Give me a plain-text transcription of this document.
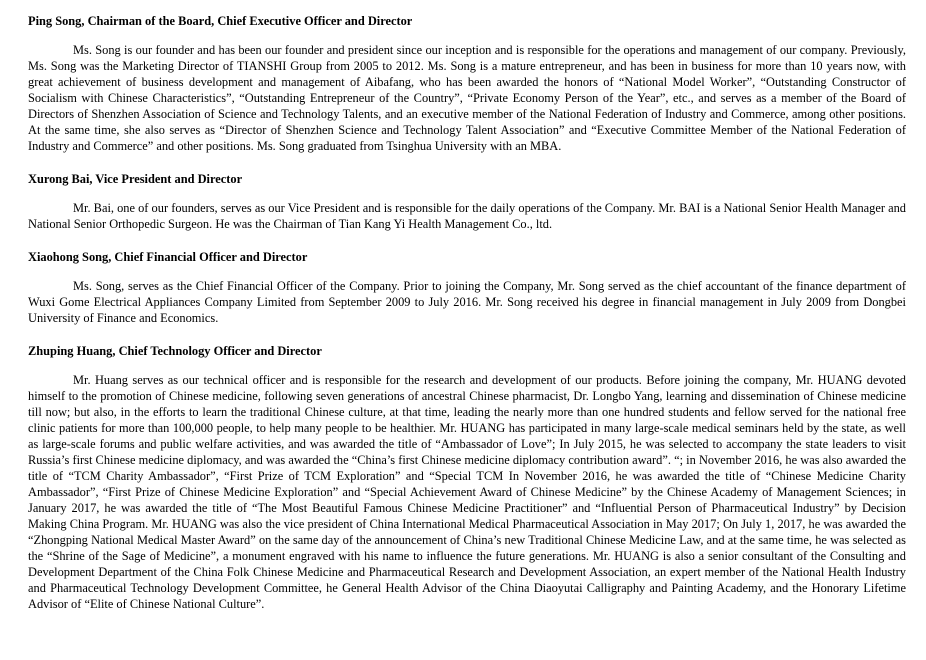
Ping Song, Chairman of the Board, Chief Executive Officer and Director

Ms. Song is our founder and has been our founder and president since our inception and is responsible for the operations and management of our company. Previously, Ms. Song was the Marketing Director of TIANSHI Group from 2005 to 2012. Ms. Song is a mature entrepreneur, and has been in business for more than 10 years now, with great achievement of business development and management of Aibafang, who has been awarded the honors of “National Model Worker”, “Outstanding Constructor of Socialism with Chinese Characteristics”, “Outstanding Entrepreneur of the Country”, “Private Economy Person of the Year”, etc., and serves as a member of the Board of Directors of Shenzhen Association of Science and Technology Talents, and an executive member of the National Federation of Industry and Commerce, among other positions. At the same time, she also serves as “Director of Shenzhen Science and Technology Talent Association” and “Executive Committee Member of the National Federation of Industry and Commerce” and other positions. Ms. Song graduated from Tsinghua University with an MBA.

Xurong Bai, Vice President and Director

Mr. Bai, one of our founders, serves as our Vice President and is responsible for the daily operations of the Company. Mr. BAI is a National Senior Health Manager and National Senior Orthopedic Surgeon. He was the Chairman of Tian Kang Yi Health Management Co., ltd.

Xiaohong Song, Chief Financial Officer and Director

Ms. Song, serves as the Chief Financial Officer of the Company. Prior to joining the Company, Mr. Song served as the chief accountant of the finance department of Wuxi Gome Electrical Appliances Company Limited from September 2009 to July 2016. Mr. Song received his degree in financial management in July 2009 from Dongbei University of Finance and Economics.

Zhuping Huang, Chief Technology Officer and Director

Mr. Huang serves as our technical officer and is responsible for the research and development of our products. Before joining the company, Mr. HUANG devoted himself to the promotion of Chinese medicine, following seven generations of ancestral Chinese pharmacist, Dr. Longbo Yang, learning and dissemination of Chinese medicine till now; but also, in the efforts to learn the traditional Chinese culture, at that time, leading the nearly more than one hundred students and fellow served for the national free clinic patients for more than 100,000 people, to help many people to be healthier. Mr. HUANG has participated in many large-scale medical seminars held by the state, as well as large-scale forums and public welfare activities, and was awarded the title of “Ambassador of Love”; In July 2015, he was selected to accompany the state leaders to visit Russia’s first Chinese medicine diplomacy, and was awarded the “China’s first Chinese medicine diplomacy contribution award”. “; in November 2016, he was also awarded the title of “TCM Charity Ambassador”, “First Prize of TCM Exploration” and “Special TCM In November 2016, he was awarded the title of “Chinese Medicine Charity Ambassador”, “First Prize of Chinese Medicine Exploration” and “Special Achievement Award of Chinese Medicine” by the Chinese Academy of Management Sciences; in January 2017, he was awarded the title of “The Most Beautiful Famous Chinese Medicine Practitioner” and “Influential Person of Pharmaceutical Industry” by Decision Making China Program. Mr. HUANG was also the vice president of China International Medical Pharmaceutical Association in May 2017; On July 1, 2017, he was awarded the “Zhongping National Medical Master Award” on the same day of the announcement of China’s new Traditional Chinese Medicine Law, and at the same time, he was selected as the “Shrine of the Sage of Medicine”, a monument engraved with his name to influence the future generations. Mr. HUANG is also a senior consultant of the Consulting and Development Department of the China Folk Chinese Medicine and Pharmaceutical Research and Development Association, an expert member of the National Health Industry and Pharmaceutical Technology Development Committee, he General Health Advisor of the China Diaoyutai Calligraphy and Painting Academy, and the Honorary Lifetime Advisor of “Elite of Chinese National Culture”.
